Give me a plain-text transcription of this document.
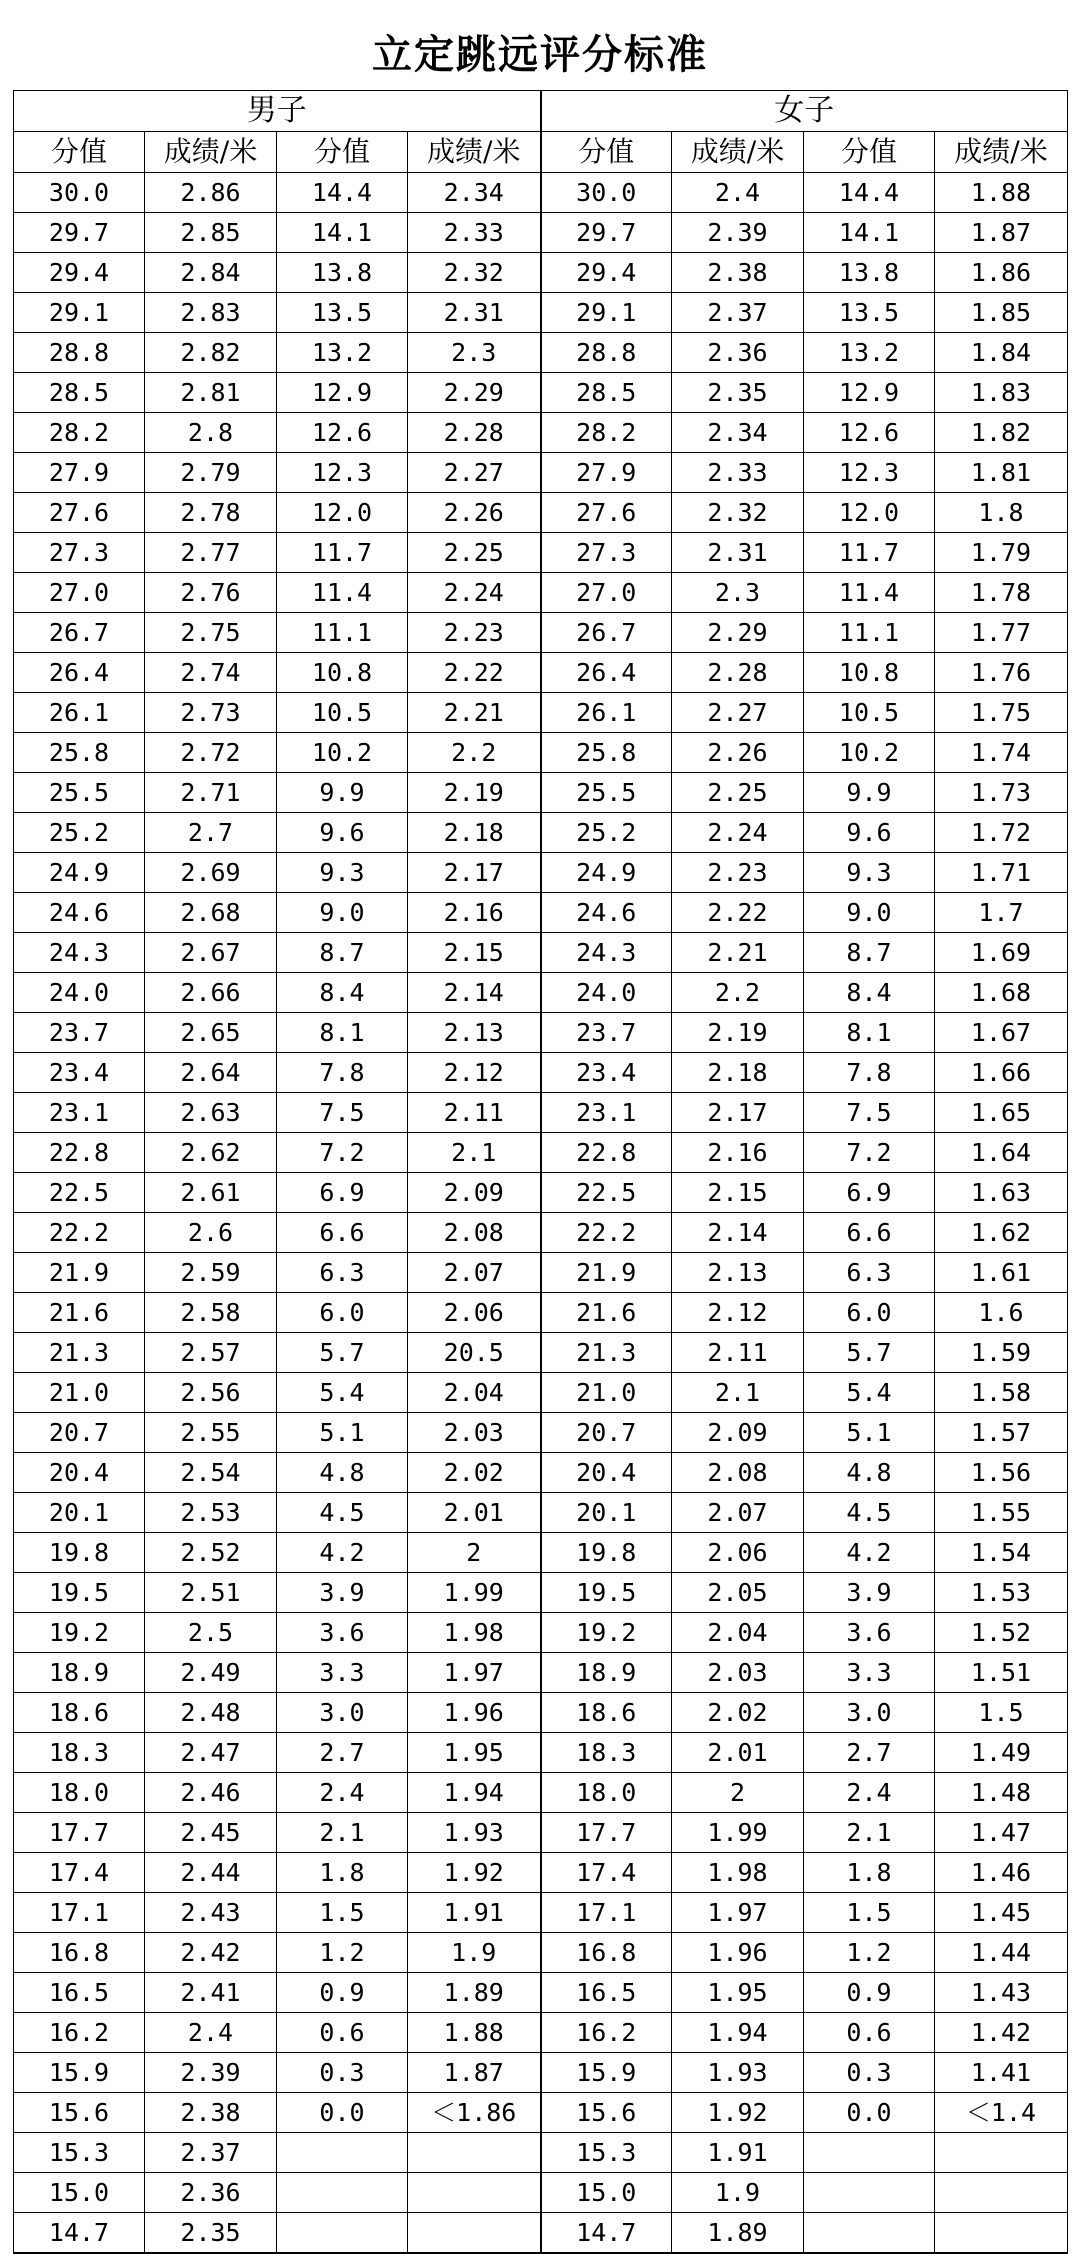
立定跳远评分标准
男子				女子			
分值	成绩/米	分值	成绩/米	分值	成绩/米	分值	成绩/米
30.0	2.86	14.4	2.34	30.0	2.4	14.4	1.88
29.7	2.85	14.1	2.33	29.7	2.39	14.1	1.87
29.4	2.84	13.8	2.32	29.4	2.38	13.8	1.86
29.1	2.83	13.5	2.31	29.1	2.37	13.5	1.85
28.8	2.82	13.2	2.3	28.8	2.36	13.2	1.84
28.5	2.81	12.9	2.29	28.5	2.35	12.9	1.83
28.2	2.8	12.6	2.28	28.2	2.34	12.6	1.82
27.9	2.79	12.3	2.27	27.9	2.33	12.3	1.81
27.6	2.78	12.0	2.26	27.6	2.32	12.0	1.8
27.3	2.77	11.7	2.25	27.3	2.31	11.7	1.79
27.0	2.76	11.4	2.24	27.0	2.3	11.4	1.78
26.7	2.75	11.1	2.23	26.7	2.29	11.1	1.77
26.4	2.74	10.8	2.22	26.4	2.28	10.8	1.76
26.1	2.73	10.5	2.21	26.1	2.27	10.5	1.75
25.8	2.72	10.2	2.2	25.8	2.26	10.2	1.74
25.5	2.71	9.9	2.19	25.5	2.25	9.9	1.73
25.2	2.7	9.6	2.18	25.2	2.24	9.6	1.72
24.9	2.69	9.3	2.17	24.9	2.23	9.3	1.71
24.6	2.68	9.0	2.16	24.6	2.22	9.0	1.7
24.3	2.67	8.7	2.15	24.3	2.21	8.7	1.69
24.0	2.66	8.4	2.14	24.0	2.2	8.4	1.68
23.7	2.65	8.1	2.13	23.7	2.19	8.1	1.67
23.4	2.64	7.8	2.12	23.4	2.18	7.8	1.66
23.1	2.63	7.5	2.11	23.1	2.17	7.5	1.65
22.8	2.62	7.2	2.1	22.8	2.16	7.2	1.64
22.5	2.61	6.9	2.09	22.5	2.15	6.9	1.63
22.2	2.6	6.6	2.08	22.2	2.14	6.6	1.62
21.9	2.59	6.3	2.07	21.9	2.13	6.3	1.61
21.6	2.58	6.0	2.06	21.6	2.12	6.0	1.6
21.3	2.57	5.7	20.5	21.3	2.11	5.7	1.59
21.0	2.56	5.4	2.04	21.0	2.1	5.4	1.58
20.7	2.55	5.1	2.03	20.7	2.09	5.1	1.57
20.4	2.54	4.8	2.02	20.4	2.08	4.8	1.56
20.1	2.53	4.5	2.01	20.1	2.07	4.5	1.55
19.8	2.52	4.2	2	19.8	2.06	4.2	1.54
19.5	2.51	3.9	1.99	19.5	2.05	3.9	1.53
19.2	2.5	3.6	1.98	19.2	2.04	3.6	1.52
18.9	2.49	3.3	1.97	18.9	2.03	3.3	1.51
18.6	2.48	3.0	1.96	18.6	2.02	3.0	1.5
18.3	2.47	2.7	1.95	18.3	2.01	2.7	1.49
18.0	2.46	2.4	1.94	18.0	2	2.4	1.48
17.7	2.45	2.1	1.93	17.7	1.99	2.1	1.47
17.4	2.44	1.8	1.92	17.4	1.98	1.8	1.46
17.1	2.43	1.5	1.91	17.1	1.97	1.5	1.45
16.8	2.42	1.2	1.9	16.8	1.96	1.2	1.44
16.5	2.41	0.9	1.89	16.5	1.95	0.9	1.43
16.2	2.4	0.6	1.88	16.2	1.94	0.6	1.42
15.9	2.39	0.3	1.87	15.9	1.93	0.3	1.41
15.6	2.38	0.0	＜1.86	15.6	1.92	0.0	＜1.4
15.3	2.37			15.3	1.91		
15.0	2.36			15.0	1.9		
14.7	2.35			14.7	1.89		
